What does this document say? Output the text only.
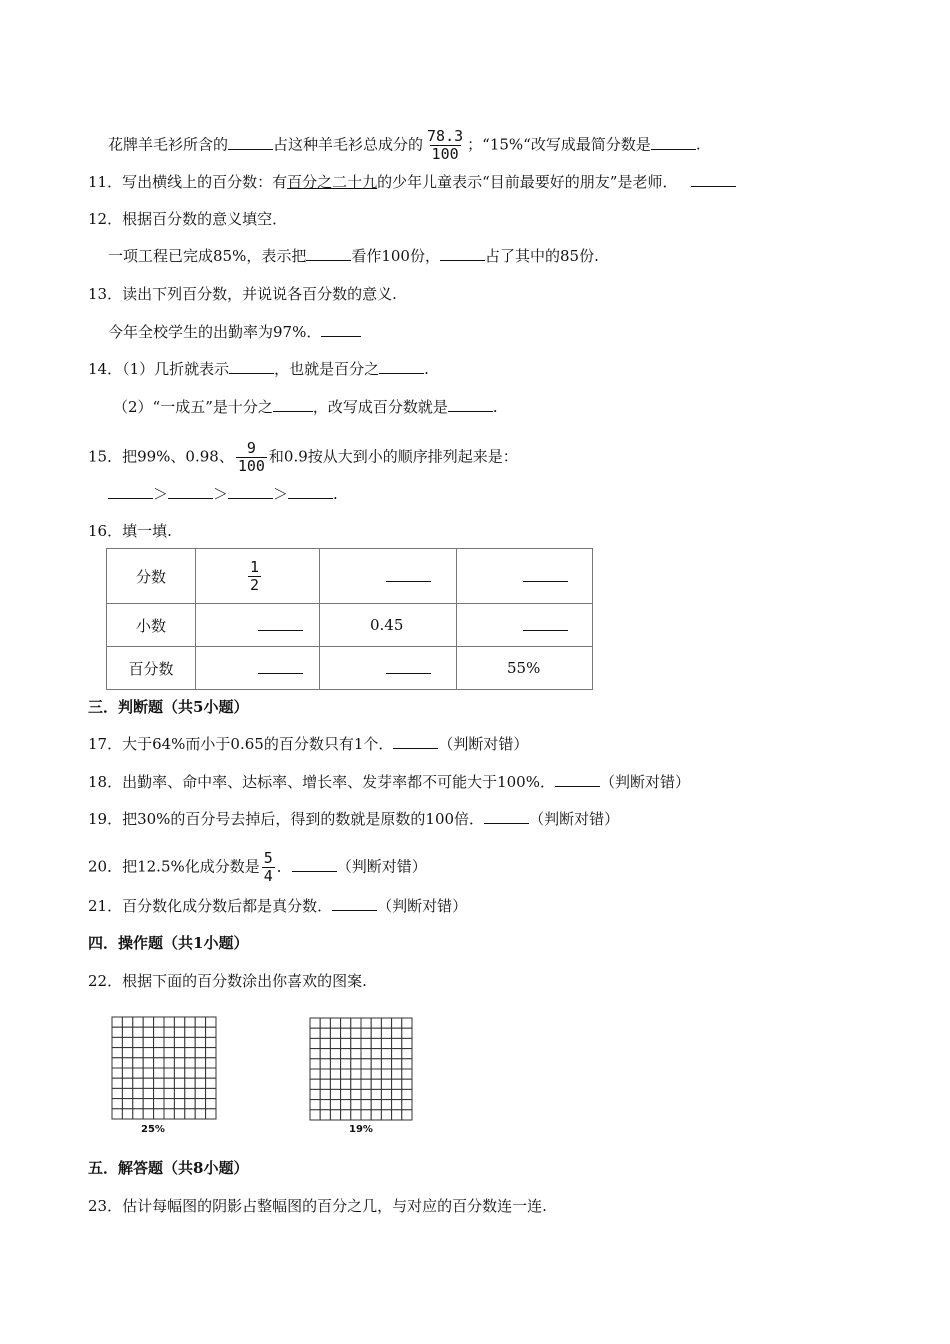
花牌羊毛衫所含的	占这种羊毛衫总成分的 $\frac{78.3}{100}$ ；“15%“改写成最简分数是	.
11．写出横线上的百分数：有百分之二十九的少年儿童表示“目前最要好的朋友”是老师．
12．根据百分数的意义填空．
一项工程已完成85%，表示把	看作100份，	占了其中的85份.
13．读出下列百分数，并说说各百分数的意义.
今年全校学生的出勤率为97%．
14．（1）几折就表示	，也就是百分之	.
（2）“一成五”是十分之	，改写成百分数就是	.
15．把99%、0.98、 $\frac{9}{100}$ 和0.9按从大到小的顺序排列起来是：
＞	＞	＞	.
16．填一填.
分数	$\frac{1}{2}$

小数		0.45	

百分数			55%
三．判断题（共5小题）
17．大于64%而小于0.65的百分数只有1个．	（判断对错）
18．出勤率、命中率、达标率、增长率、发芽率都不可能大于100%．	（判断对错）
19．把30%的百分号去掉后，得到的数就是原数的100倍．	（判断对错）
20．把12.5%化成分数是 $\frac{5}{4}$ ．	（判断对错）
21．百分数化成分数后都是真分数．	（判断对错）
四．操作题（共1小题）
22．根据下面的百分数涂出你喜欢的图案.
25%	19%
五．解答题（共8小题）
23．估计每幅图的阴影占整幅图的百分之几，与对应的百分数连一连.
